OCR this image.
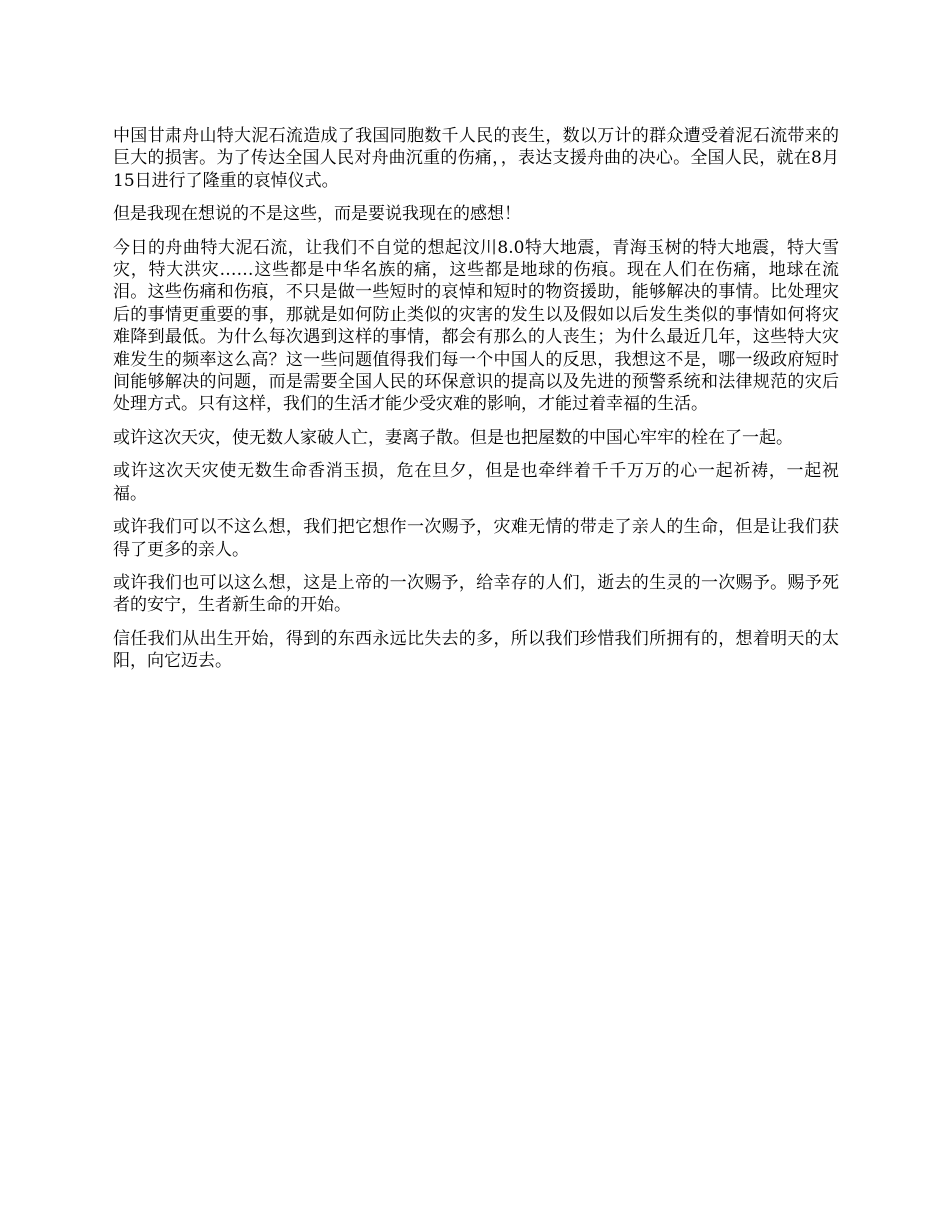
中国甘肃舟山特大泥石流造成了我国同胞数千人民的丧生，数以万计的群众遭受着泥石流带来的巨大的损害。为了传达全国人民对舟曲沉重的伤痛，，表达支援舟曲的决心。全国人民，就在8月15日进行了隆重的哀悼仪式。

但是我现在想说的不是这些，而是要说我现在的感想！

今日的舟曲特大泥石流，让我们不自觉的想起汶川8.0特大地震，青海玉树的特大地震，特大雪灾，特大洪灾……这些都是中华名族的痛，这些都是地球的伤痕。现在人们在伤痛，地球在流泪。这些伤痛和伤痕，不只是做一些短时的哀悼和短时的物资援助，能够解决的事情。比处理灾后的事情更重要的事，那就是如何防止类似的灾害的发生以及假如以后发生类似的事情如何将灾难降到最低。为什么每次遇到这样的事情，都会有那么的人丧生；为什么最近几年，这些特大灾难发生的频率这么高？这一些问题值得我们每一个中国人的反思，我想这不是，哪一级政府短时间能够解决的问题，而是需要全国人民的环保意识的提高以及先进的预警系统和法律规范的灾后处理方式。只有这样，我们的生活才能少受灾难的影响，才能过着幸福的生活。

或许这次天灾，使无数人家破人亡，妻离子散。但是也把屋数的中国心牢牢的栓在了一起。

或许这次天灾使无数生命香消玉损，危在旦夕，但是也牵绊着千千万万的心一起祈祷，一起祝福。

或许我们可以不这么想，我们把它想作一次赐予，灾难无情的带走了亲人的生命，但是让我们获得了更多的亲人。

或许我们也可以这么想，这是上帝的一次赐予，给幸存的人们，逝去的生灵的一次赐予。赐予死者的安宁，生者新生命的开始。

信任我们从出生开始，得到的东西永远比失去的多，所以我们珍惜我们所拥有的，想着明天的太阳，向它迈去。
